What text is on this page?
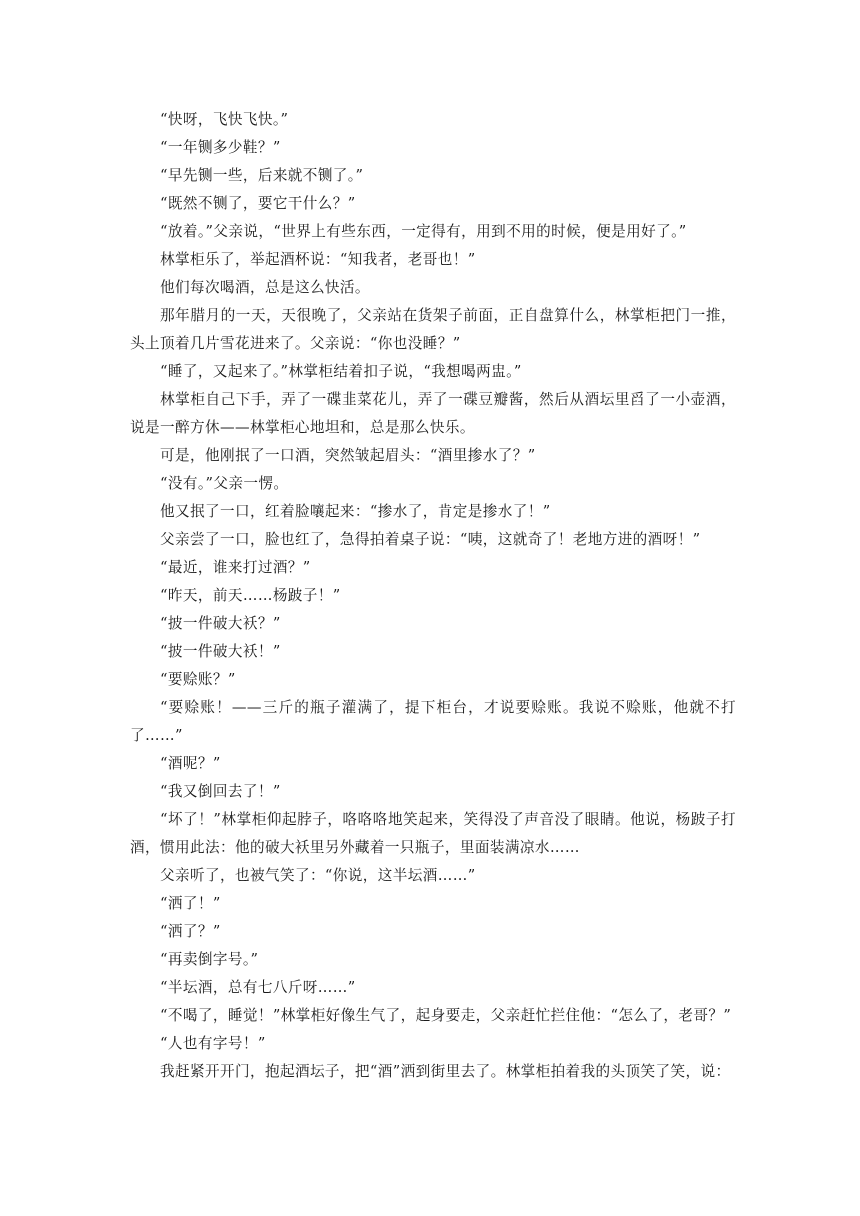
“快呀，飞快飞快。”

“一年铡多少鞋？”

“早先铡一些，后来就不铡了。”

“既然不铡了，要它干什么？”

“放着。”父亲说，“世界上有些东西，一定得有，用到不用的时候，便是用好了。”

林掌柜乐了，举起酒杯说：“知我者，老哥也！”

他们每次喝酒，总是这么快活。

那年腊月的一天，天很晚了，父亲站在货架子前面，正自盘算什么，林掌柜把门一推，头上顶着几片雪花进来了。父亲说：“你也没睡？”

“睡了，又起来了。”林掌柜结着扣子说，“我想喝两盅。”

林掌柜自己下手，弄了一碟韭菜花儿，弄了一碟豆瓣酱，然后从酒坛里舀了一小壶酒，说是一醉方休——林掌柜心地坦和，总是那么快乐。

可是，他刚抿了一口酒，突然皱起眉头：“酒里掺水了？”

“没有。”父亲一愣。

他又抿了一口，红着脸嚷起来：“掺水了，肯定是掺水了！”

父亲尝了一口，脸也红了，急得拍着桌子说：“咦，这就奇了！老地方进的酒呀！”

“最近，谁来打过酒？”

“昨天，前天……杨跛子！”

“披一件破大袄？”

“披一件破大袄！”

“要赊账？”

“要赊账！——三斤的瓶子灌满了，提下柜台，才说要赊账。我说不赊账，他就不打了……”

“酒呢？”

“我又倒回去了！”

“坏了！”林掌柜仰起脖子，咯咯咯地笑起来，笑得没了声音没了眼睛。他说，杨跛子打酒，惯用此法：他的破大袄里另外藏着一只瓶子，里面装满凉水……

父亲听了，也被气笑了：“你说，这半坛酒……”

“洒了！”

“洒了？”

“再卖倒字号。”

“半坛酒，总有七八斤呀……”

“不喝了，睡觉！”林掌柜好像生气了，起身要走，父亲赶忙拦住他：“怎么了，老哥？”

“人也有字号！”

我赶紧开开门，抱起酒坛子，把“酒”洒到街里去了。林掌柜拍着我的头顶笑了笑，说：
